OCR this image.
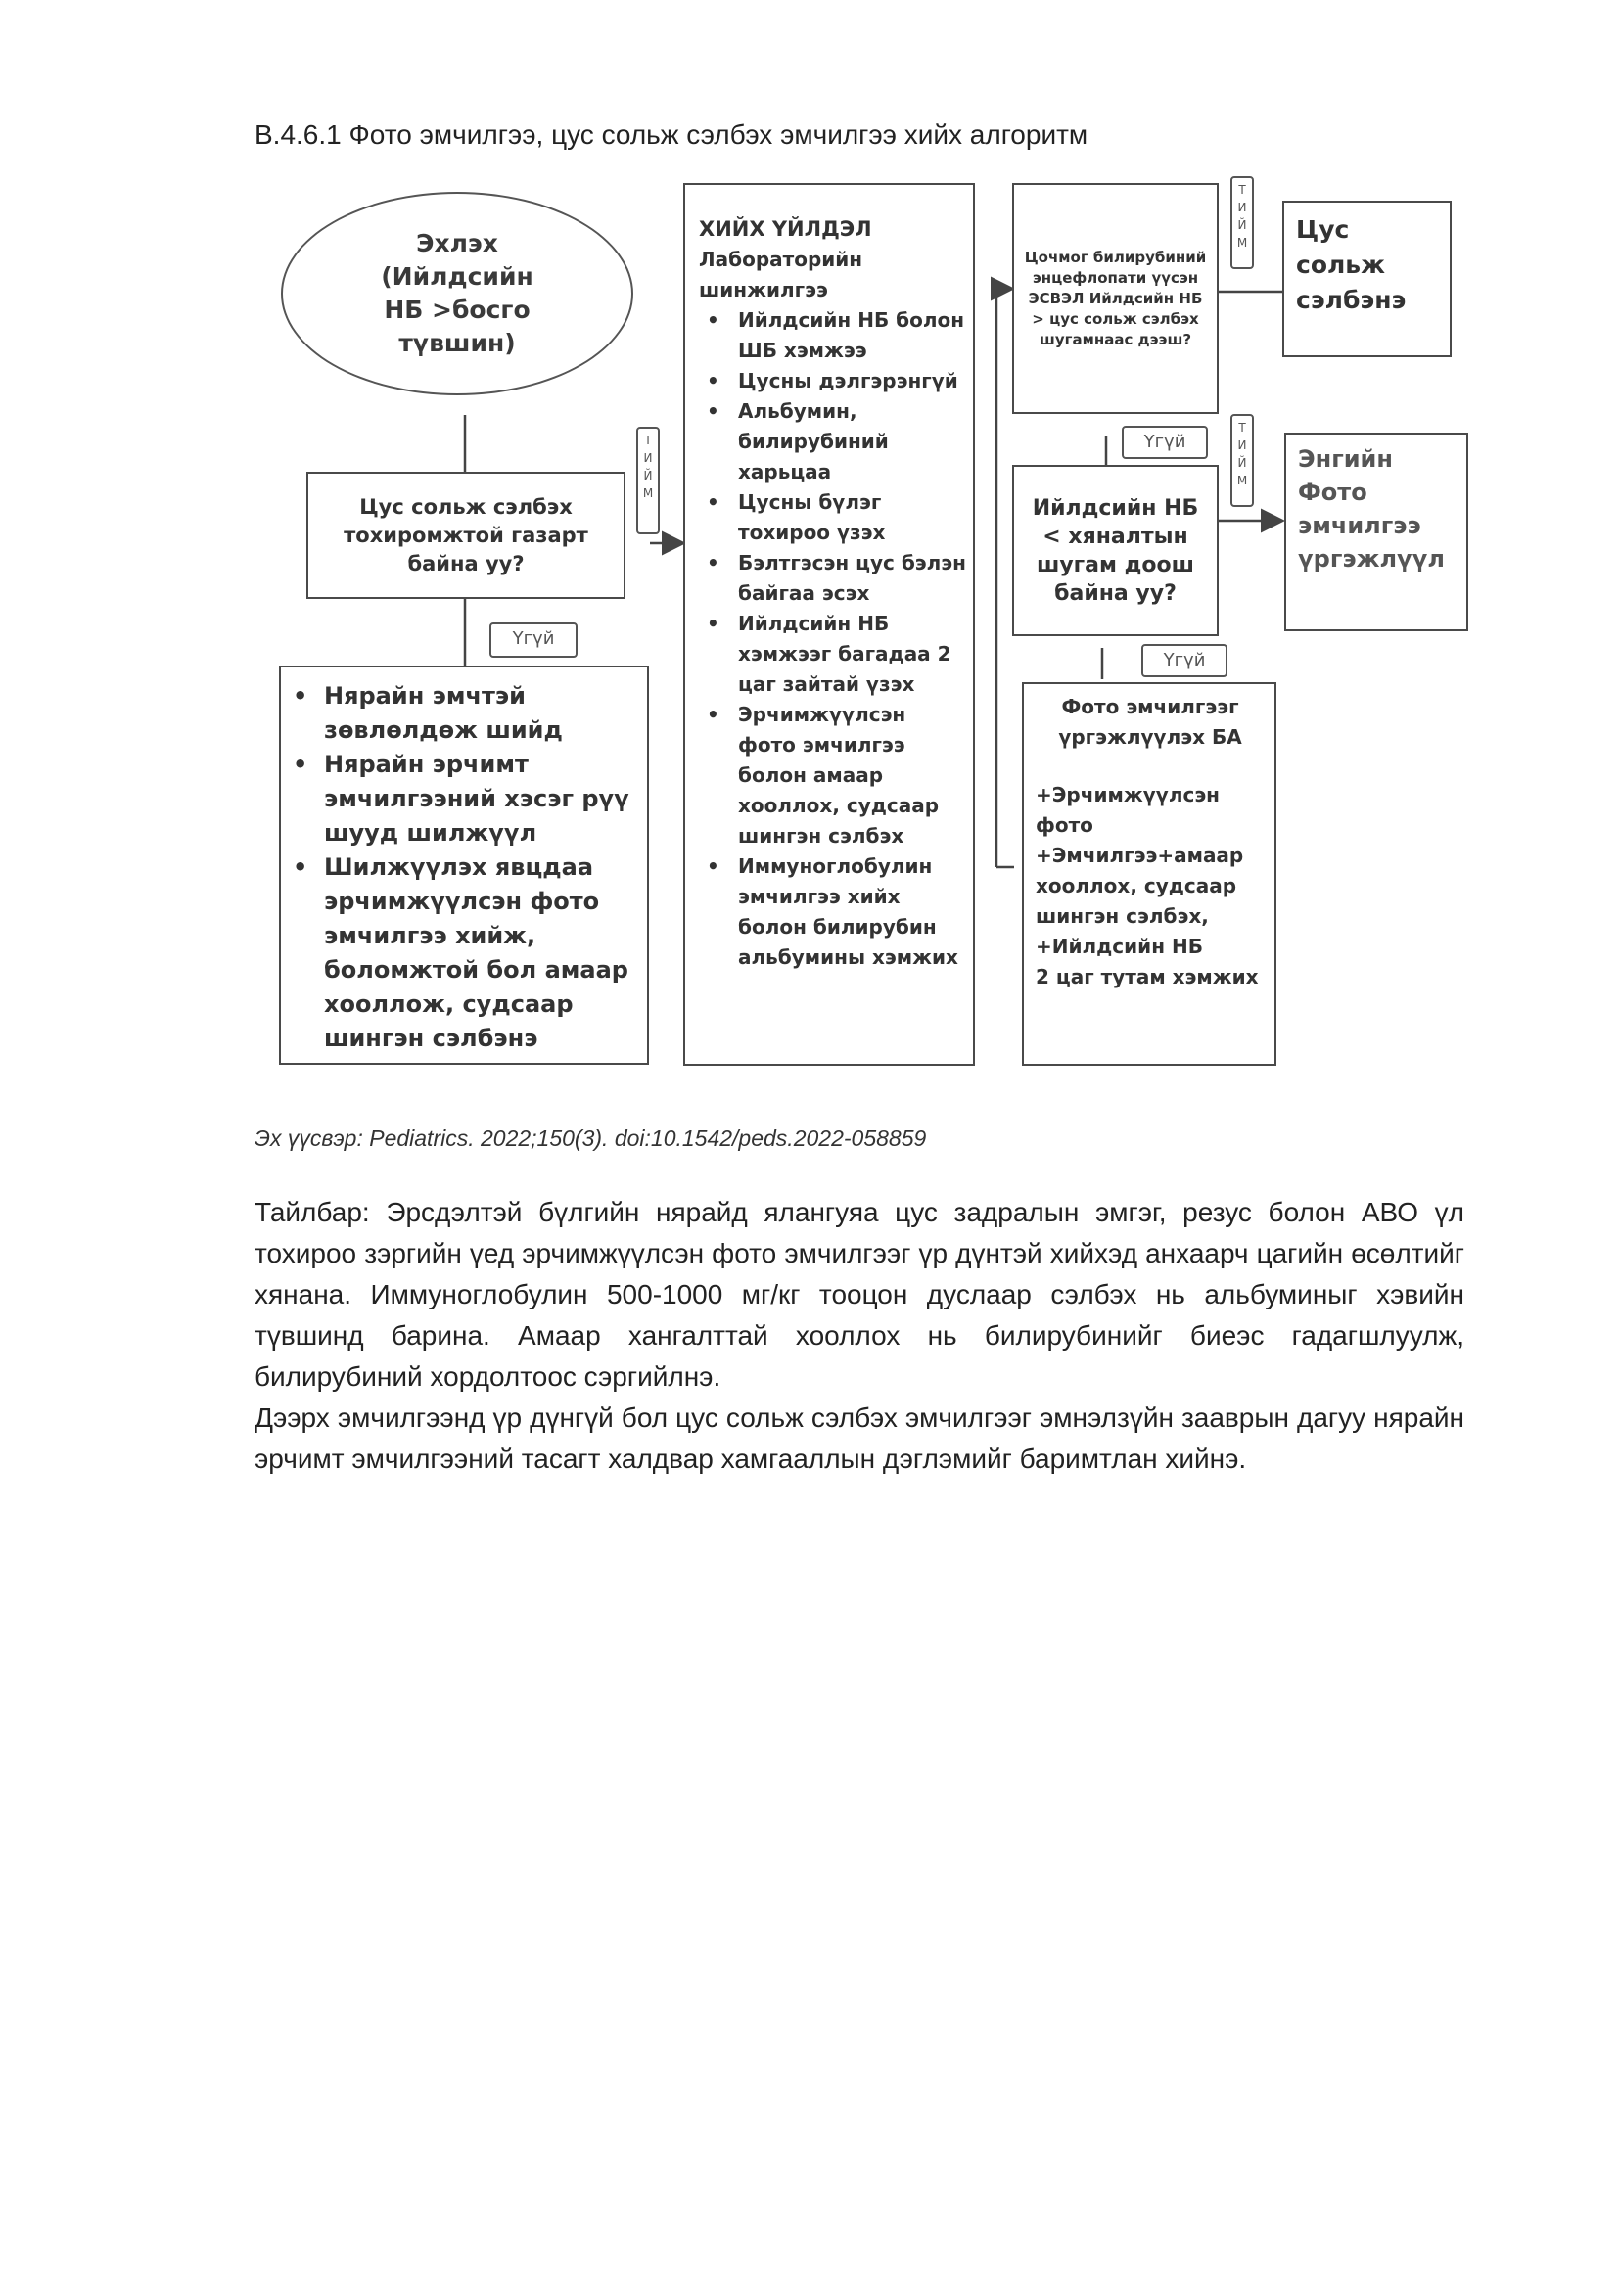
В.4.6.1 Фото эмчилгээ, цус сольж сэлбэх эмчилгээ хийх алгоритм
Эхлэх (Ийлдсийн НБ >босго түвшин)
Цус сольж сэлбэх тохиромжтой газарт байна уу?
Т
И
Й
М
Үгүй
• Нярайн эмчтэй зөвлөлдөж шийд
• Нярайн эрчимт эмчилгээний хэсэг рүү шууд шилжүүл
• Шилжүүлэх явцдаа эрчимжүүлсэн фото эмчилгээ хийж, боломжтой бол амаар хооллож, судсаар шингэн сэлбэнэ
ХИЙХ ҮЙЛДЭЛ
Лабораторийн шинжилгээ
• Ийлдсийн НБ болон ШБ хэмжээ
• Цусны дэлгэрэнгүй
• Альбумин, билирубиний харьцаа
• Цусны бүлэг тохироо үзэх
• Бэлтгэсэн цус бэлэн байгаа эсэх
• Ийлдсийн НБ хэмжээг багадаа 2 цаг зайтай үзэх
• Эрчимжүүлсэн фото эмчилгээ болон амаар хооллох, судсаар шингэн сэлбэх
• Иммуноглобулин эмчилгээ хийх болон билирубин альбумины хэмжих
Цочмог билирубиний энцефлопати үүсэн ЭСВЭЛ Ийлдсийн НБ > цус сольж сэлбэх шугамнаас дээш?
Т
И
Й
М Цус сольж сэлбэнэ
Үгүй
Ийлдсийн НБ < хяналтын шугам доош байна уу?
Т
И
Й
М
Энгийн Фото эмчилгээ үргэжлүүл
Үгүй
Фото эмчилгээг үргэжлүүлэх БА
+Эрчимжүүлсэн фото
+Эмчилгээ+амаар хооллох, судсаар шингэн сэлбэх,
+Ийлдсийн НБ
2 цаг тутам хэмжих
Эх үүсвэр: Pediatrics. 2022;150(3). doi:10.1542/peds.2022-058859

Тайлбар: Эрсдэлтэй бүлгийн нярайд ялангуяа цус задралын эмгэг, резус болон АВО үл тохироо зэргийн үед эрчимжүүлсэн фото эмчилгээг үр дүнтэй хийхэд анхаарч цагийн өсөлтийг хянана. Иммуноглобулин 500-1000 мг/кг тооцон дуслаар сэлбэх нь альбуминыг хэвийн түвшинд барина. Амаар хангалттай хооллох нь билирубинийг биеэс гадагшлуулж, билирубиний хордолтоос сэргийлнэ.

Дээрх эмчилгээнд үр дүнгүй бол цус сольж сэлбэх эмчилгээг эмнэлзүйн зааврын дагуу нярайн эрчимт эмчилгээний тасагт халдвар хамгааллын дэглэмийг баримтлан хийнэ.
